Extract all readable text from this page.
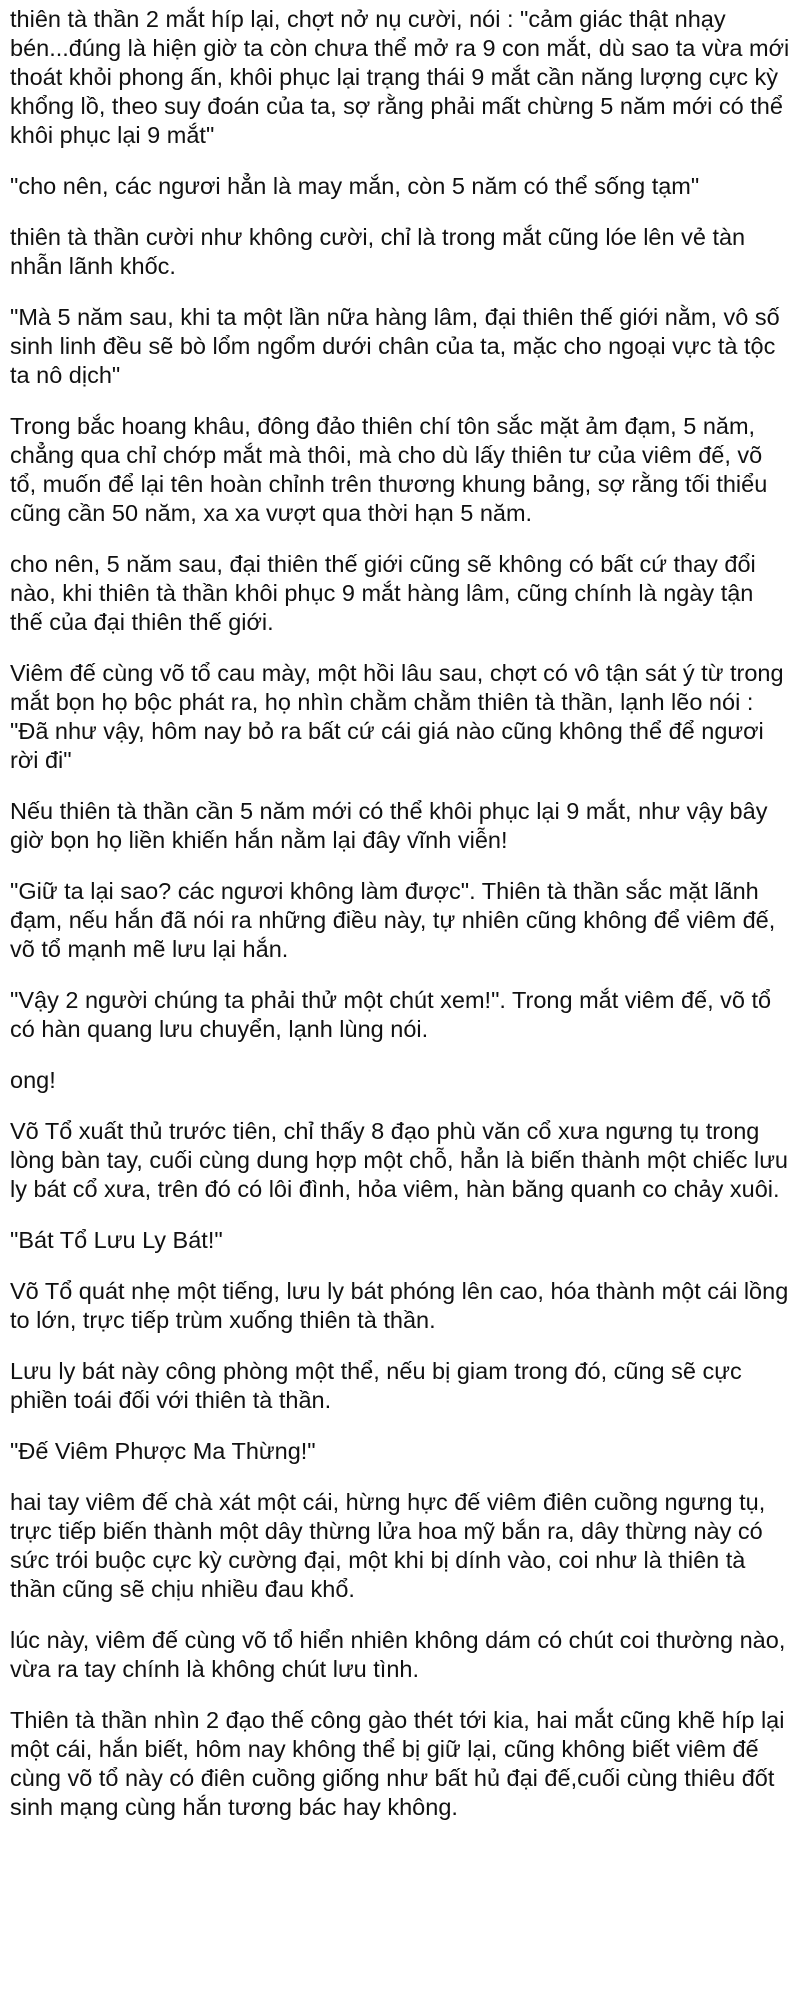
thiên tà thần 2 mắt híp lại, chợt nở nụ cười, nói : "cảm giác thật nhạy bén...đúng là hiện giờ ta còn chưa thể mở ra 9 con mắt, dù sao ta vừa mới thoát khỏi phong ấn, khôi phục lại trạng thái 9 mắt cần năng lượng cực kỳ khổng lồ, theo suy đoán của ta, sợ rằng phải mất chừng 5 năm mới có thể khôi phục lại 9 mắt"

"cho nên, các ngươi hẳn là may mắn, còn 5 năm có thể sống tạm"

thiên tà thần cười như không cười, chỉ là trong mắt cũng lóe lên vẻ tàn nhẫn lãnh khốc.

"Mà 5 năm sau, khi ta một lần nữa hàng lâm, đại thiên thế giới nằm, vô số sinh linh đều sẽ bò lổm ngổm dưới chân của ta, mặc cho ngoại vực tà tộc ta nô dịch"

Trong bắc hoang khâu, đông đảo thiên chí tôn sắc mặt ảm đạm, 5 năm, chẳng qua chỉ chớp mắt mà thôi, mà cho dù lấy thiên tư của viêm đế, võ tổ, muốn để lại tên hoàn chỉnh trên thương khung bảng, sợ rằng tối thiểu cũng cần 50 năm, xa xa vượt qua thời hạn 5 năm.

cho nên, 5 năm sau, đại thiên thế giới cũng sẽ không có bất cứ thay đổi nào, khi thiên tà thần khôi phục 9 mắt hàng lâm, cũng chính là ngày tận thế của đại thiên thế giới.

Viêm đế cùng võ tổ cau mày, một hồi lâu sau, chợt có vô tận sát ý từ trong mắt bọn họ bộc phát ra, họ nhìn chằm chằm thiên tà thần, lạnh lẽo nói : "Đã như vậy, hôm nay bỏ ra bất cứ cái giá nào cũng không thể để ngươi rời đi"

Nếu thiên tà thần cần 5 năm mới có thể khôi phục lại 9 mắt, như vậy bây giờ bọn họ liền khiến hắn nằm lại đây vĩnh viễn!

"Giữ ta lại sao? các ngươi không làm được". Thiên tà thần sắc mặt lãnh đạm, nếu hắn đã nói ra những điều này, tự nhiên cũng không để viêm đế, võ tổ mạnh mẽ lưu lại hắn.

"Vậy 2 người chúng ta phải thử một chút xem!". Trong mắt viêm đế, võ tổ có hàn quang lưu chuyển, lạnh lùng nói.

ong!

Võ Tổ xuất thủ trước tiên, chỉ thấy 8 đạo phù văn cổ xưa ngưng tụ trong lòng bàn tay, cuối cùng dung hợp một chỗ, hẳn là biến thành một chiếc lưu ly bát cổ xưa, trên đó có lôi đình, hỏa viêm, hàn băng quanh co chảy xuôi.

"Bát Tổ Lưu Ly Bát!"

Võ Tổ quát nhẹ một tiếng, lưu ly bát phóng lên cao, hóa thành một cái lồng to lớn, trực tiếp trùm xuống thiên tà thần.

Lưu ly bát này công phòng một thể, nếu bị giam trong đó, cũng sẽ cực phiền toái đối với thiên tà thần.

"Đế Viêm Phược Ma Thừng!"

hai tay viêm đế chà xát một cái, hừng hực đế viêm điên cuồng ngưng tụ, trực tiếp biến thành một dây thừng lửa hoa mỹ bắn ra, dây thừng này có sức trói buộc cực kỳ cường đại, một khi bị dính vào, coi như là thiên tà thần cũng sẽ chịu nhiều đau khổ.

lúc này, viêm đế cùng võ tổ hiển nhiên không dám có chút coi thường nào, vừa ra tay chính là không chút lưu tình.

Thiên tà thần nhìn 2 đạo thế công gào thét tới kia, hai mắt cũng khẽ híp lại một cái, hắn biết, hôm nay không thể bị giữ lại, cũng không biết viêm đế cùng võ tổ này có điên cuồng giống như bất hủ đại đế,cuối cùng thiêu đốt sinh mạng cùng hắn tương bác hay không.
